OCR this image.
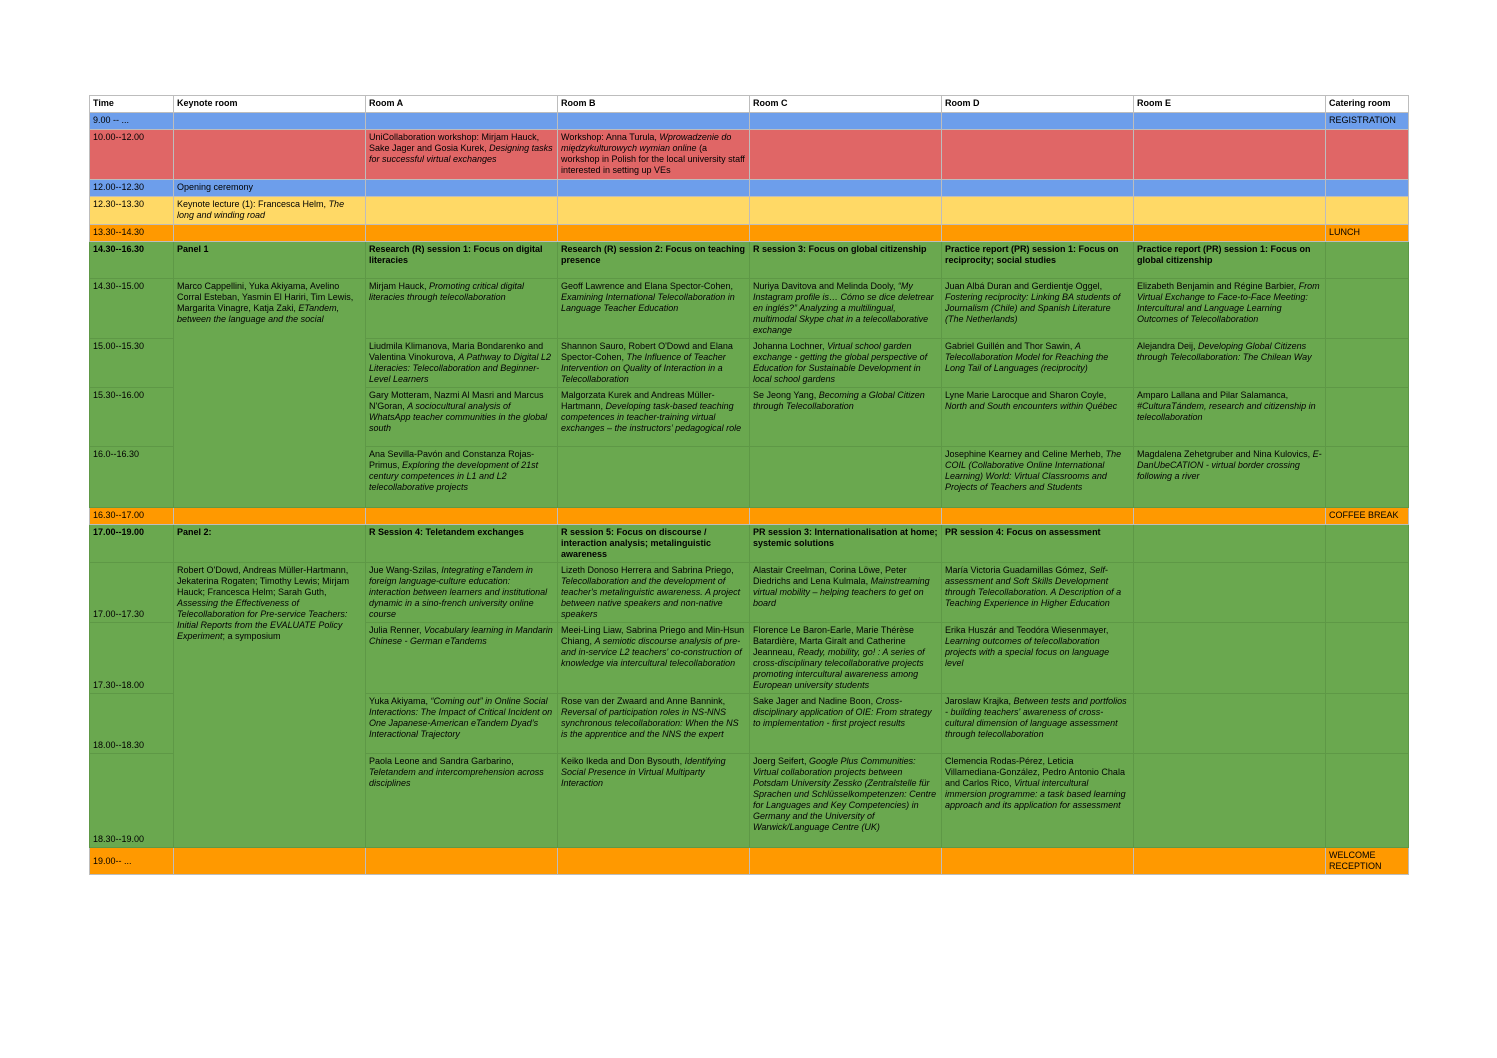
Time	Keynote room	Room A	Room B	Room C	Room D	Room E	Catering room
9.00 -- ...							REGISTRATION
10.00--12.00		UniCollaboration workshop: Mirjam Hauck, Sake Jager and Gosia Kurek, Designing tasks for successful virtual exchanges	Workshop: Anna Turula, Wprowadzenie do międzykulturowych wymian online (a workshop in Polish for the local university staff interested in setting up VEs				
12.00--12.30	Opening ceremony						
12.30--13.30	Keynote lecture (1): Francesca Helm, The long and winding road						
13.30--14.30							LUNCH
14.30--16.30	Panel 1	Research (R) session 1: Focus on digital literacies	Research (R) session 2: Focus on teaching presence	R session 3: Focus on global citizenship	Practice report (PR) session 1: Focus on reciprocity; social studies	Practice report (PR) session 1: Focus on global citizenship	
14.30--15.00	Marco Cappellini, Yuka Akiyama, Avelino Corral Esteban, Yasmin El Hariri, Tim Lewis, Margarita Vinagre, Katja Zaki, ETandem, between the language and the social	Mirjam Hauck, Promoting critical digital literacies through telecollaboration	Geoff Lawrence and Elana Spector-Cohen, Examining International Telecollaboration in Language Teacher Education	Nuriya Davitova and Melinda Dooly, “My Instagram profile is… Cómo se dice deletrear en inglés?” Analyzing a multilingual, multimodal Skype chat in a telecollaborative exchange	Juan Albá Duran and Gerdientje Oggel, Fostering reciprocity: Linking BA students of Journalism (Chile) and Spanish Literature (The Netherlands)	Elizabeth Benjamin and Régine Barbier, From Virtual Exchange to Face-to-Face Meeting: Intercultural and Language Learning Outcomes of Telecollaboration	
15.00--15.30		Liudmila Klimanova, Maria Bondarenko and Valentina Vinokurova, A Pathway to Digital L2 Literacies: Telecollaboration and Beginner-Level Learners	Shannon Sauro, Robert O'Dowd and Elana Spector-Cohen, The Influence of Teacher Intervention on Quality of Interaction in a Telecollaboration	Johanna Lochner, Virtual school garden exchange - getting the global perspective of Education for Sustainable Development in local school gardens	Gabriel Guillén and Thor Sawin, A Telecollaboration Model for Reaching the Long Tail of Languages (reciprocity)	Alejandra Deij, Developing Global Citizens through Telecollaboration: The Chilean Way	
15.30--16.00		Gary Motteram, Nazmi Al Masri and Marcus N'Goran, A sociocultural analysis of WhatsApp teacher communities in the global south	Malgorzata Kurek and Andreas Müller-Hartmann, Developing task-based teaching competences in teacher-training virtual exchanges – the instructors’ pedagogical role	Se Jeong Yang, Becoming a Global Citizen through Telecollaboration	Lyne Marie Larocque and Sharon Coyle, North and South encounters within Québec	Amparo Lallana and Pilar Salamanca, #CulturaTándem, research and citizenship in telecollaboration	
16.0--16.30		Ana Sevilla-Pavón and Constanza Rojas-Primus, Exploring the development of 21st century competences in L1 and L2 telecollaborative projects			Josephine Kearney and Celine Merheb, The COIL (Collaborative Online International Learning) World: Virtual Classrooms and Projects of Teachers and Students	Magdalena Zehetgruber and Nina Kulovics, E-DanUbeCATION - virtual border crossing following a river	
16.30--17.00							COFFEE BREAK
17.00--19.00	Panel 2:	R Session 4: Teletandem exchanges	R session 5: Focus on discourse / interaction analysis; metalinguistic awareness	PR session 3: Internationalisation at home; systemic solutions	PR session 4: Focus on assessment		
17.00--17.30	Robert O'Dowd, Andreas Müller-Hartmann, Jekaterina Rogaten; Timothy Lewis; Mirjam Hauck; Francesca Helm; Sarah Guth, Assessing the Effectiveness of Telecollaboration for Pre-service Teachers: Initial Reports from the EVALUATE Policy Experiment; a symposium	Jue Wang-Szilas, Integrating eTandem in foreign language-culture education: interaction between learners and institutional dynamic in a sino-french university online course	Lizeth Donoso Herrera and Sabrina Priego, Telecollaboration and the development of teacher's metalinguistic awareness. A project between native speakers and non-native speakers	Alastair Creelman, Corina Löwe, Peter Diedrichs and Lena Kulmala, Mainstreaming virtual mobility – helping teachers to get on board	María Victoria Guadamillas Gómez, Self-assessment and Soft Skills Development through Telecollaboration. A Description of a Teaching Experience in Higher Education		
17.30--18.00		Julia Renner, Vocabulary learning in Mandarin Chinese - German eTandems	Meei-Ling Liaw, Sabrina Priego and Min-Hsun Chiang, A semiotic discourse analysis of pre- and in-service L2 teachers' co-construction of knowledge via intercultural telecollaboration	Florence Le Baron-Earle, Marie Thérèse Batardière, Marta Giralt and Catherine Jeanneau, Ready, mobility, go! : A series of cross-disciplinary telecollaborative projects promoting intercultural awareness among European university students	Erika Huszár and Teodóra Wiesenmayer, Learning outcomes of telecollaboration projects with a special focus on language level		
18.00--18.30		Yuka Akiyama, “Coming out” in Online Social Interactions: The Impact of Critical Incident on One Japanese-American eTandem Dyad’s Interactional Trajectory	Rose van der Zwaard and Anne Bannink, Reversal of participation roles in NS-NNS synchronous telecollaboration: When the NS is the apprentice and the NNS the expert	Sake Jager and Nadine Boon, Cross-disciplinary application of OIE: From strategy to implementation - first project results	Jaroslaw Krajka, Between tests and portfolios - building teachers' awareness of cross-cultural dimension of language assessment through telecollaboration		
18.30--19.00		Paola Leone and Sandra Garbarino, Teletandem and intercomprehension across disciplines	Keiko Ikeda and Don Bysouth, Identifying Social Presence in Virtual Multiparty Interaction	Joerg Seifert, Google Plus Communities: Virtual collaboration projects between Potsdam University Zessko (Zentralstelle für Sprachen und Schlüsselkompetenzen: Centre for Languages and Key Competencies) in Germany and the University of Warwick/Language Centre (UK)	Clemencia Rodas-Pérez, Leticia Villamediana-González, Pedro Antonio Chala and Carlos Rico, Virtual intercultural immersion programme: a task based learning approach and its application for assessment		
19.00-- ...							WELCOME RECEPTION
